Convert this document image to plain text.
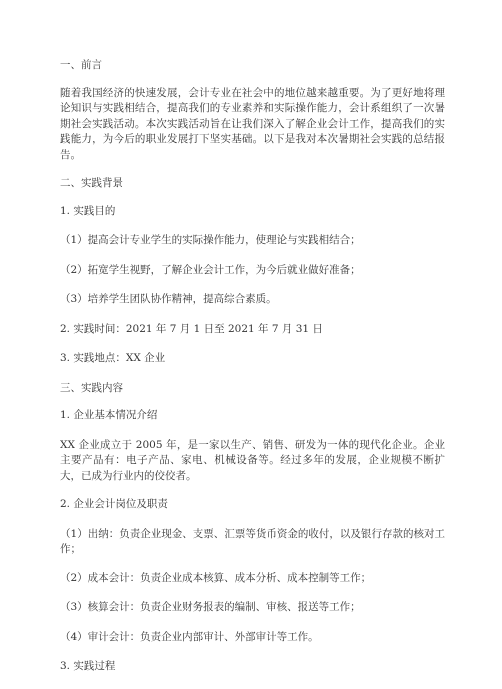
一、前言

随着我国经济的快速发展，会计专业在社会中的地位越来越重要。为了更好地将理论知识与实践相结合，提高我们的专业素养和实际操作能力，会计系组织了一次暑期社会实践活动。本次实践活动旨在让我们深入了解企业会计工作，提高我们的实践能力，为今后的职业发展打下坚实基础。以下是我对本次暑期社会实践的总结报告。

二、实践背景

1. 实践目的

（1）提高会计专业学生的实际操作能力，使理论与实践相结合；

（2）拓宽学生视野，了解企业会计工作，为今后就业做好准备；

（3）培养学生团队协作精神，提高综合素质。

2. 实践时间：2021 年 7 月 1 日至 2021 年 7 月 31 日

3. 实践地点：XX 企业

三、实践内容

1. 企业基本情况介绍

XX 企业成立于 2005 年，是一家以生产、销售、研发为一体的现代化企业。企业主要产品有：电子产品、家电、机械设备等。经过多年的发展，企业规模不断扩大，已成为行业内的佼佼者。

2. 企业会计岗位及职责

（1）出纳：负责企业现金、支票、汇票等货币资金的收付，以及银行存款的核对工作；

（2）成本会计：负责企业成本核算、成本分析、成本控制等工作；

（3）核算会计：负责企业财务报表的编制、审核、报送等工作；

（4）审计会计：负责企业内部审计、外部审计等工作。

3. 实践过程
